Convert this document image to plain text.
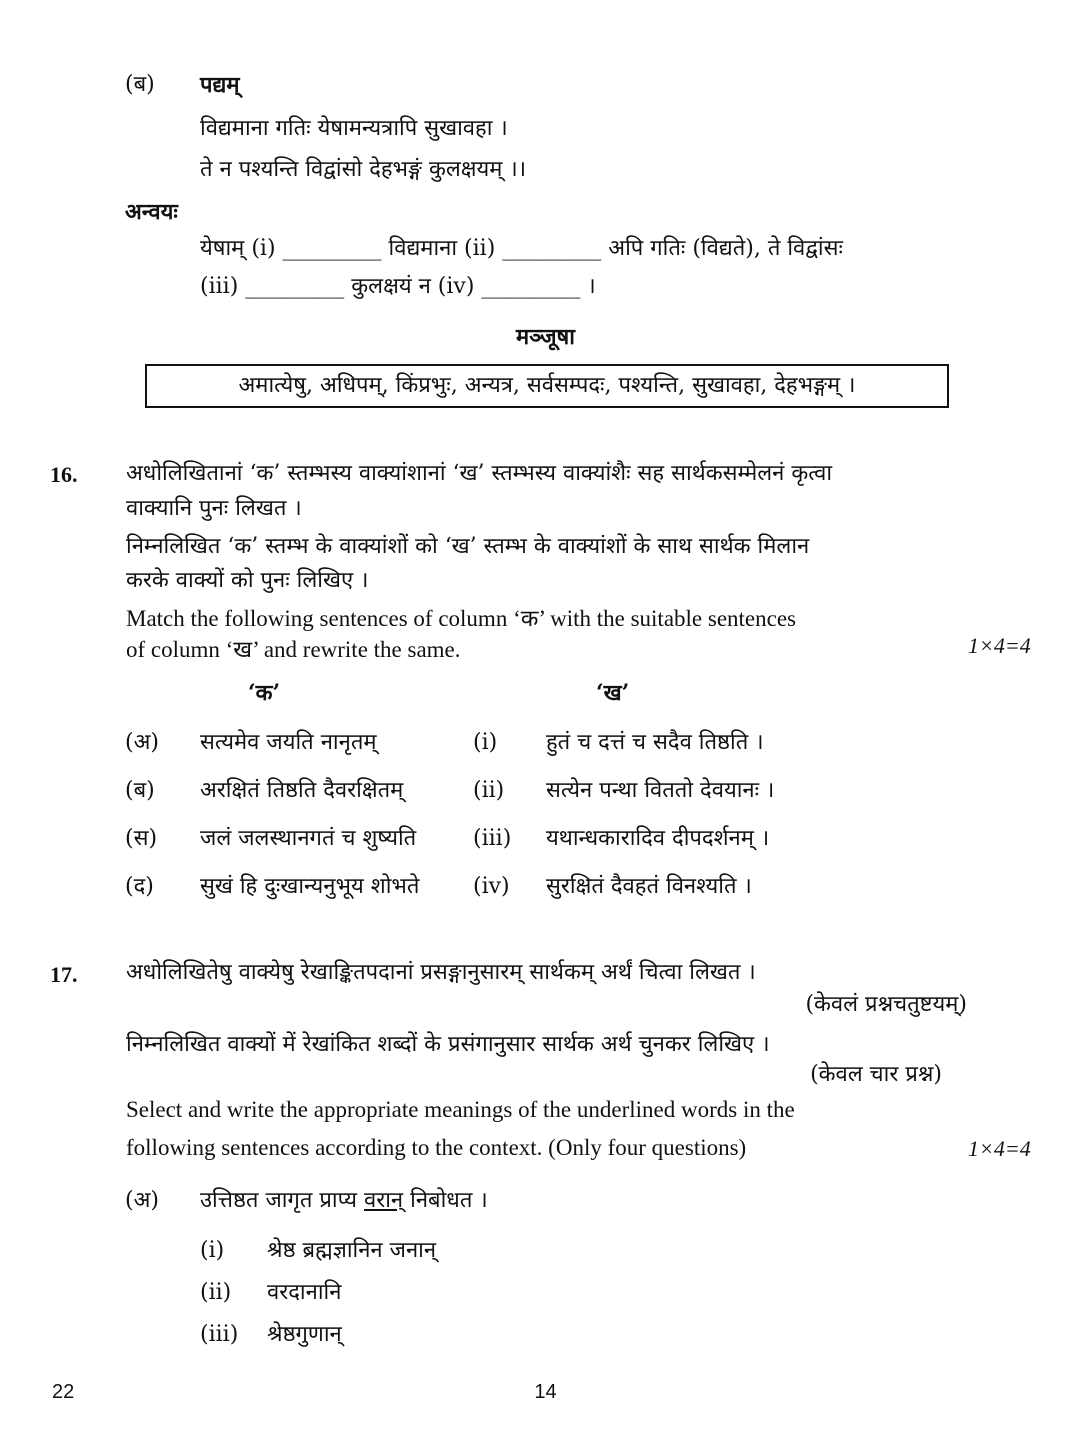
(ब) पद्यम्
विद्यमाना गतिः येषामन्यत्रापि सुखावहा ।
ते न पश्यन्ति विद्वांसो देहभङ्गं कुलक्षयम् ।।
अन्वयः
येषाम् (i) _________ विद्यमाना (ii) _________ अपि गतिः (विद्यते), ते विद्वांसः
(iii) _________ कुलक्षयं न (iv) _________ ।
मञ्जूषा
अमात्येषु, अधिपम्, किंप्रभुः, अन्यत्र, सर्वसम्पदः, पश्यन्ति, सुखावहा, देहभङ्गम् ।
16. अधोलिखितानां ‘क’ स्तम्भस्य वाक्यांशानां ‘ख’ स्तम्भस्य वाक्यांशैः सह सार्थकसम्मेलनं कृत्वा
वाक्यानि पुनः लिखत ।
निम्नलिखित ‘क’ स्तम्भ के वाक्यांशों को ‘ख’ स्तम्भ के वाक्यांशों के साथ सार्थक मिलान
करके वाक्यों को पुनः लिखिए ।
Match the following sentences of column ‘क’ with the suitable sentences
of column ‘ख’ and rewrite the same.	1×4=4
‘क’	‘ख’
(अ) सत्यमेव जयति नानृतम्	(i) हुतं च दत्तं च सदैव तिष्ठति ।
(ब) अरक्षितं तिष्ठति दैवरक्षितम्	(ii) सत्येन पन्था विततो देवयानः ।
(स) जलं जलस्थानगतं च शुष्यति	(iii) यथान्धकारादिव दीपदर्शनम् ।
(द) सुखं हि दुःखान्यनुभूय शोभते (iv) सुरक्षितं दैवहतं विनश्यति ।
17. अधोलिखितेषु वाक्येषु रेखाङ्कितपदानां प्रसङ्गानुसारम् सार्थकम् अर्थं चित्वा लिखत ।
(केवलं प्रश्नचतुष्टयम्)
निम्नलिखित वाक्यों में रेखांकित शब्दों के प्रसंगानुसार सार्थक अर्थ चुनकर लिखिए ।
(केवल चार प्रश्न)
Select and write the appropriate meanings of the underlined words in the
following sentences according to the context. (Only four questions)	1×4=4
(अ) उत्तिष्ठत जागृत प्राप्य वरान् निबोधत ।
(i) श्रेष्ठ ब्रह्मज्ञानिन जनान्
(ii) वरदानानि
(iii) श्रेष्ठगुणान्
22	14
